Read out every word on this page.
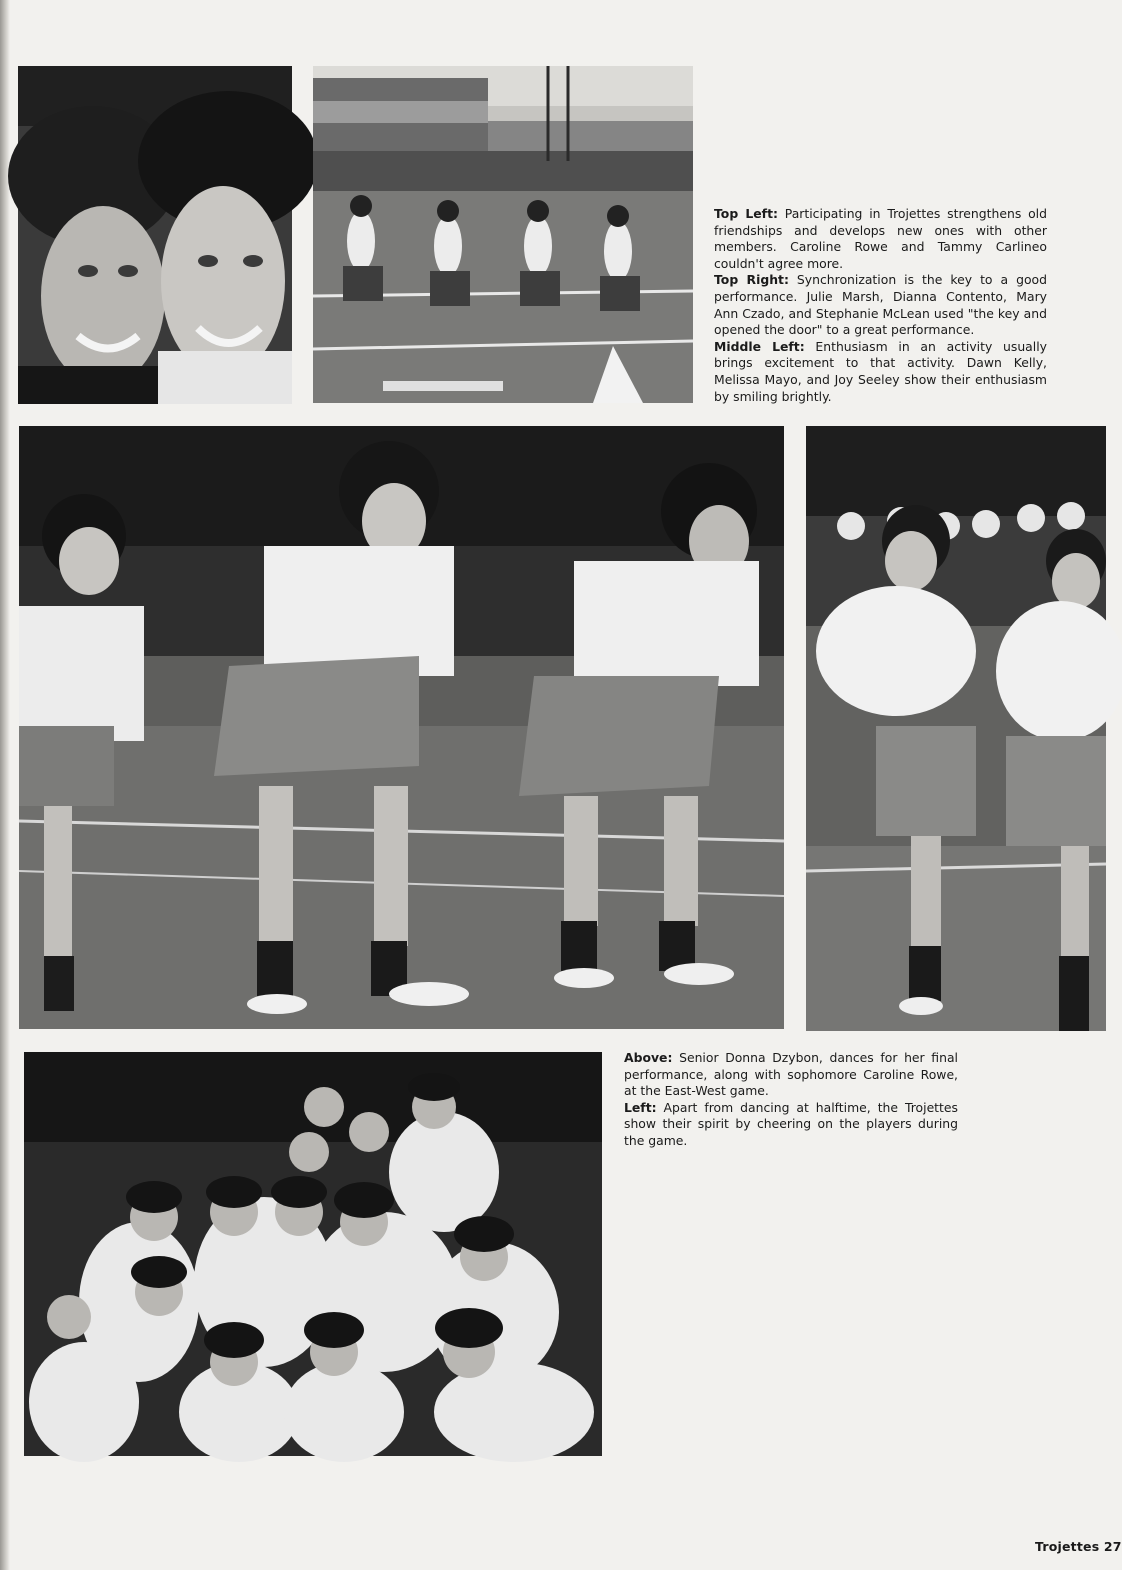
Top Left: Participating in Trojettes strengthens old friendships and develops new ones with other members. Caroline Rowe and Tammy Carlineo couldn't agree more.

Top Right: Synchronization is the key to a good performance. Julie Marsh, Dianna Contento, Mary Ann Czado, and Stephanie McLean used "the key and opened the door" to a great performance.

Middle Left: Enthusiasm in an activity usually brings excitement to that activity. Dawn Kelly, Melissa Mayo, and Joy Seeley show their enthusiasm by smiling brightly.

Above: Senior Donna Dzybon, dances for her final performance, along with sophomore Caroline Rowe, at the East-West game.

Left: Apart from dancing at halftime, the Trojettes show their spirit by cheering on the players during the game.

Trojettes 27
